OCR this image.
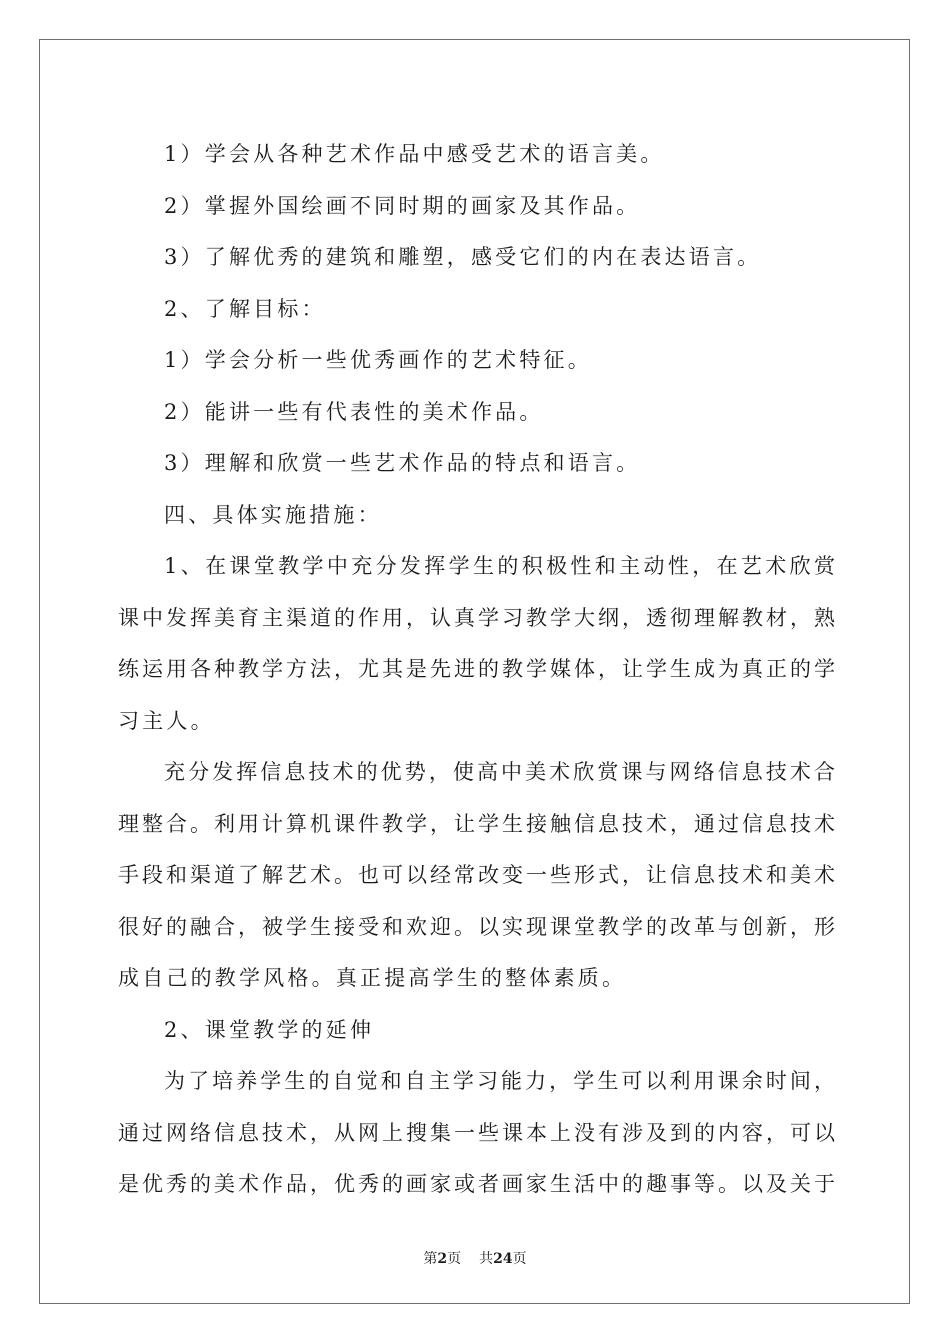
1）学会从各种艺术作品中感受艺术的语言美。
2）掌握外国绘画不同时期的画家及其作品。
3）了解优秀的建筑和雕塑，感受它们的内在表达语言。
2、了解目标：
1）学会分析一些优秀画作的艺术特征。
2）能讲一些有代表性的美术作品。
3）理解和欣赏一些艺术作品的特点和语言。
四、具体实施措施：
1、在课堂教学中充分发挥学生的积极性和主动性，在艺术欣赏
课中发挥美育主渠道的作用，认真学习教学大纲，透彻理解教材，熟
练运用各种教学方法，尤其是先进的教学媒体，让学生成为真正的学
习主人。
充分发挥信息技术的优势，使高中美术欣赏课与网络信息技术合
理整合。利用计算机课件教学，让学生接触信息技术，通过信息技术
手段和渠道了解艺术。也可以经常改变一些形式，让信息技术和美术
很好的融合，被学生接受和欢迎。以实现课堂教学的改革与创新，形
成自己的教学风格。真正提高学生的整体素质。
2、课堂教学的延伸
为了培养学生的自觉和自主学习能力，学生可以利用课余时间，
通过网络信息技术，从网上搜集一些课本上没有涉及到的内容，可以
是优秀的美术作品，优秀的画家或者画家生活中的趣事等。以及关于
第2页 共24页
